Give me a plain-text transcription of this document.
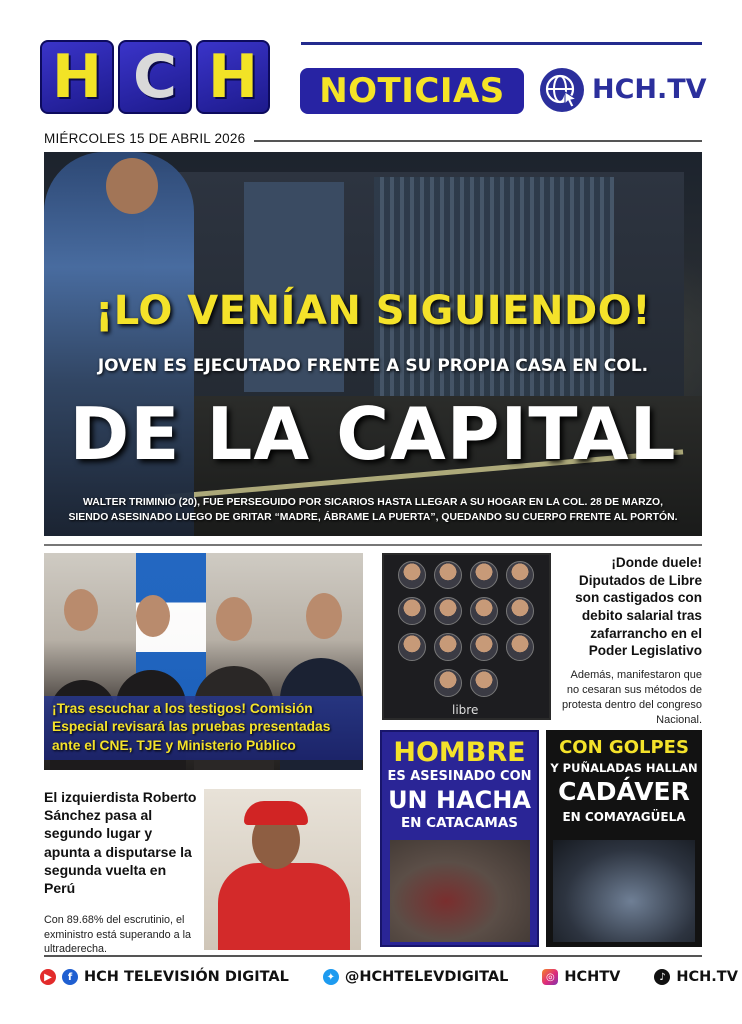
H C H	NOTICIAS	HCH.TV
MIÉRCOLES 15 DE ABRIL 2026
¡LO VENÍAN SIGUIENDO!
JOVEN ES EJECUTADO FRENTE A SU PROPIA CASA EN COL.
DE LA CAPITAL
WALTER TRIMINIO (20), FUE PERSEGUIDO POR SICARIOS HASTA LLEGAR A SU HOGAR EN LA COL. 28 DE MARZO, SIENDO ASESINADO LUEGO DE GRITAR “MADRE, ÁBRAME LA PUERTA”, QUEDANDO SU CUERPO FRENTE AL PORTÓN.
¡Tras escuchar a los testigos! Comisión Especial revisará las pruebas presentadas ante el CNE, TJE y Ministerio Público
libre
¡Donde duele! Diputados de Libre son castigados con debito salarial tras zafarrancho en el Poder Legislativo
Además, manifestaron que no cesaran sus métodos de protesta dentro del congreso Nacional.
El izquierdista Roberto Sánchez pasa al segundo lugar y apunta a disputarse la segunda vuelta en Perú
Con 89.68% del escrutinio, el exministro está superando a la ultraderecha.
HOMBRE
ES ASESINADO CON
UN HACHA
EN CATACAMAS
CON GOLPES
Y PUÑALADAS HALLAN
CADÁVER
EN COMAYAGÜELA
▶	f HCH TELEVISIÓN DIGITAL	✦ @HCHTELEVDIGITAL	◎ HCHTV	♪ HCH.TV
